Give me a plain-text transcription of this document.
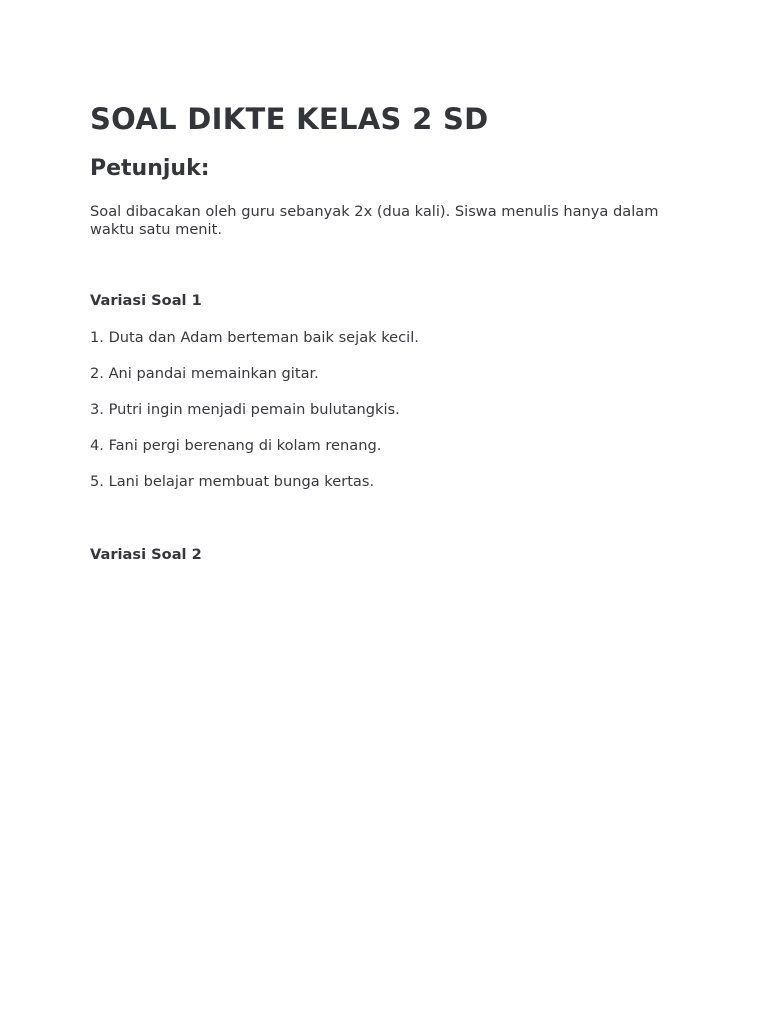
SOAL DIKTE KELAS 2 SD
Petunjuk:

Soal dibacakan oleh guru sebanyak 2x (dua kali). Siswa menulis hanya dalam waktu satu menit.

Variasi Soal 1
1. Duta dan Adam berteman baik sejak kecil.
2. Ani pandai memainkan gitar.
3. Putri ingin menjadi pemain bulutangkis.
4. Fani pergi berenang di kolam renang.
5. Lani belajar membuat bunga kertas.
Variasi Soal 2
